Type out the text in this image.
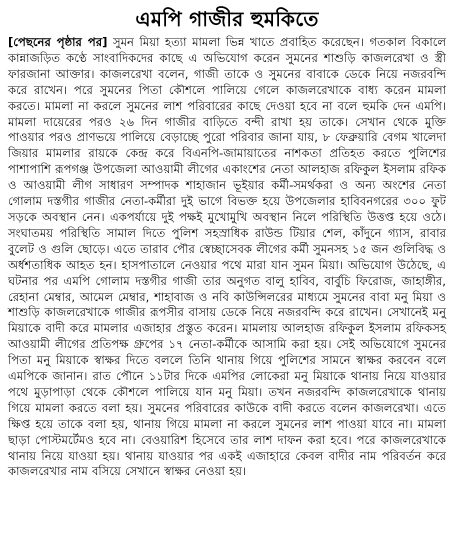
এমপি গাজীর হুমকিতে

[পেছনের পৃষ্ঠার পর] সুমন মিয়া হত্যা মামলা ভিন্ন খাতে প্রবাহিত করেছেন। গতকাল বিকালে কান্নাজড়িত কণ্ঠে সাংবাদিকদের কাছে এ অভিযোগ করেন সুমনের শাশুড়ি কাজলরেখা ও স্ত্রী ফারজানা আক্তার। কাজলরেখা বলেন, গাজী তাকে ও সুমনের বাবাকে ডেকে নিয়ে নজরবন্দি করে রাখেন। পরে সুমনের পিতা কৌশলে পালিয়ে গেলে কাজলরেখাকে বাধ্য করেন মামলা করতে। মামলা না করলে সুমনের লাশ পরিবারের কাছে দেওয়া হবে না বলে হুমকি দেন এমপি। মামলা দায়েরের পরও ২৬ দিন গাজীর বাড়িতে বন্দী রাখা হয় তাকে। সেখান থেকে মুক্তি পাওয়ার পরও প্রাণভয়ে পালিয়ে বেড়াচ্ছে পুরো পরিবার জানা যায়, ৮ ফেব্রুয়ারি বেগম খালেদা জিয়ার মামলার রায়কে কেন্দ্র করে বিএনপি-জামায়াতের নাশকতা প্রতিহত করতে পুলিশের পাশাপাশি রূপগঞ্জ উপজেলা আওয়ামী লীগের একাংশের নেতা আলহাজ রফিকুল ইসলাম রফিক ও আওয়ামী লীগ সাধারণ সম্পাদক শাহাজান ভূইয়ার কর্মী-সমর্থকরা ও অন্য অংশের নেতা গোলাম দস্তগীর গাজীর নেতা-কর্মীরা দুই ভাগে বিভক্ত হয়ে উপজেলার হাবিবনগরের ৩০০ ফুট সড়কে অবস্থান নেন। একপর্যায়ে দুই পক্ষই মুখোমুখি অবস্থান নিলে পরিস্থিতি উত্তপ্ত হয়ে ওঠে। সংঘাতময় পরিস্থিতি সামাল দিতে পুলিশ সহস্রাধিক রাউন্ড টিয়ার শেল, কাঁদুনে গ্যাস, রাবার বুলেট ও গুলি ছোড়ে। এতে তারাব পৌর স্বেচ্ছাসেবক লীগের কর্মী সুমনসহ ১৫ জন গুলিবিদ্ধ ও অর্ধশতাধিক আহত হন। হাসপাতালে নেওয়ার পথে মারা যান সুমন মিয়া। অভিযোগ উঠেছে, এ ঘটনার পর এমপি গোলাম দস্তগীর গাজী তার অনুগত বালু হাবিব, বার্বুচি ফিরোজ, জাহাঙ্গীর, রেহানা মেম্বার, আমেল মেম্বার, শাহাবাজ ও নবি কাউন্সিলরের মাধ্যমে সুমনের বাবা মনু মিয়া ও শাশুড়ি কাজলরেখাকে গাজীর রূপসীর বাসায় ডেকে নিয়ে নজরবন্দি করে রাখেন। সেখানেই মনু মিয়াকে বাদী করে মামলার এজাহার প্রস্তুত করেন। মামলায় আলহাজ রফিকুল ইসলাম রফিকসহ আওয়ামী লীগের প্রতিপক্ষ গ্রুপের ১৭ নেতা-কর্মীকে আসামি করা হয়। সেই অভিযোগে সুমনের পিতা মনু মিয়াকে স্বাক্ষর দিতে বললে তিনি থানায় গিয়ে পুলিশের সামনে স্বাক্ষর করবেন বলে এমপিকে জানান। রাত পৌনে ১১টার দিকে এমপির লোকেরা মনু মিয়াকে থানায় নিয়ে যাওয়ার পথে মুড়াপাড়া থেকে কৌশলে পালিয়ে যান মনু মিয়া। তখন নজরবন্দি কাজলরেখাকে থানায় গিয়ে মামলা করতে বলা হয়। সুমনের পরিবারের কাউকে বাদী করতে বলেন কাজলরেখা। এতে ক্ষিপ্ত হয়ে তাকে বলা হয়, থানায় গিয়ে মামলা না করলে সুমনের লাশ পাওয়া যাবে না। মামলা ছাড়া পোস্টমর্টেমও হবে না। বেওয়ারিশ হিসেবে তার লাশ দাফন করা হবে। পরে কাজলরেখাকে থানায় নিয়ে যাওয়া হয়। থানায় যাওয়ার পর একই এজাহারে কেবল বাদীর নাম পরিবর্তন করে কাজলরেখার নাম বসিয়ে সেখানে স্বাক্ষর নেওয়া হয়।
